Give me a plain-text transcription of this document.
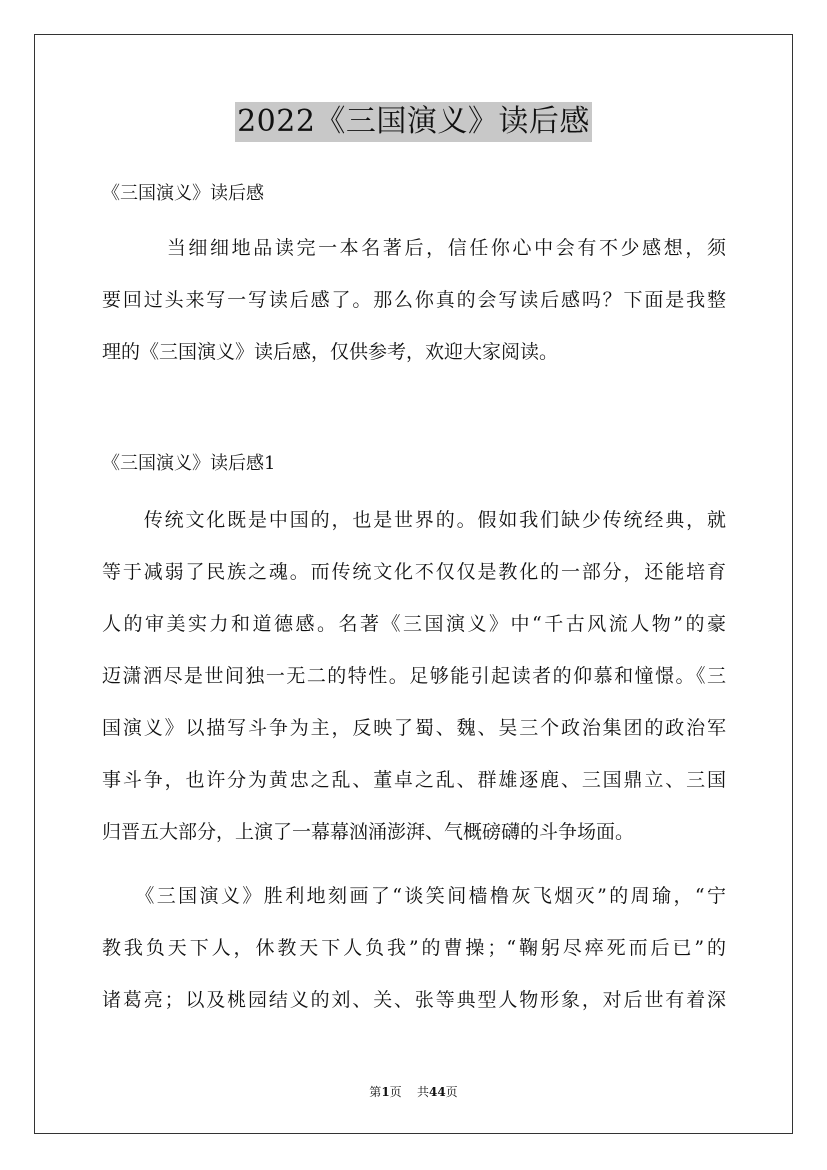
2022《三国演义》读后感
《三国演义》读后感
　　　当细细地品读完一本名著后，信任你心中会有不少感想，须
要回过头来写一写读后感了。那么你真的会写读后感吗？下面是我整
理的《三国演义》读后感，仅供参考，欢迎大家阅读。
《三国演义》读后感1
　　传统文化既是中国的，也是世界的。假如我们缺少传统经典，就
等于减弱了民族之魂。而传统文化不仅仅是教化的一部分，还能培育
人的审美实力和道德感。名著《三国演义》中“千古风流人物”的豪
迈潇洒尽是世间独一无二的特性。足够能引起读者的仰慕和憧憬。《三
国演义》以描写斗争为主，反映了蜀、魏、吴三个政治集团的政治军
事斗争，也许分为黄忠之乱、董卓之乱、群雄逐鹿、三国鼎立、三国
归晋五大部分，上演了一幕幕汹涌澎湃、气概磅礴的斗争场面。
　　《三国演义》胜利地刻画了“谈笑间樯橹灰飞烟灭”的周瑜，“宁
教我负天下人，休教天下人负我”的曹操；“鞠躬尽瘁死而后已”的
诸葛亮；以及桃园结义的刘、关、张等典型人物形象，对后世有着深
第1页 共44页
